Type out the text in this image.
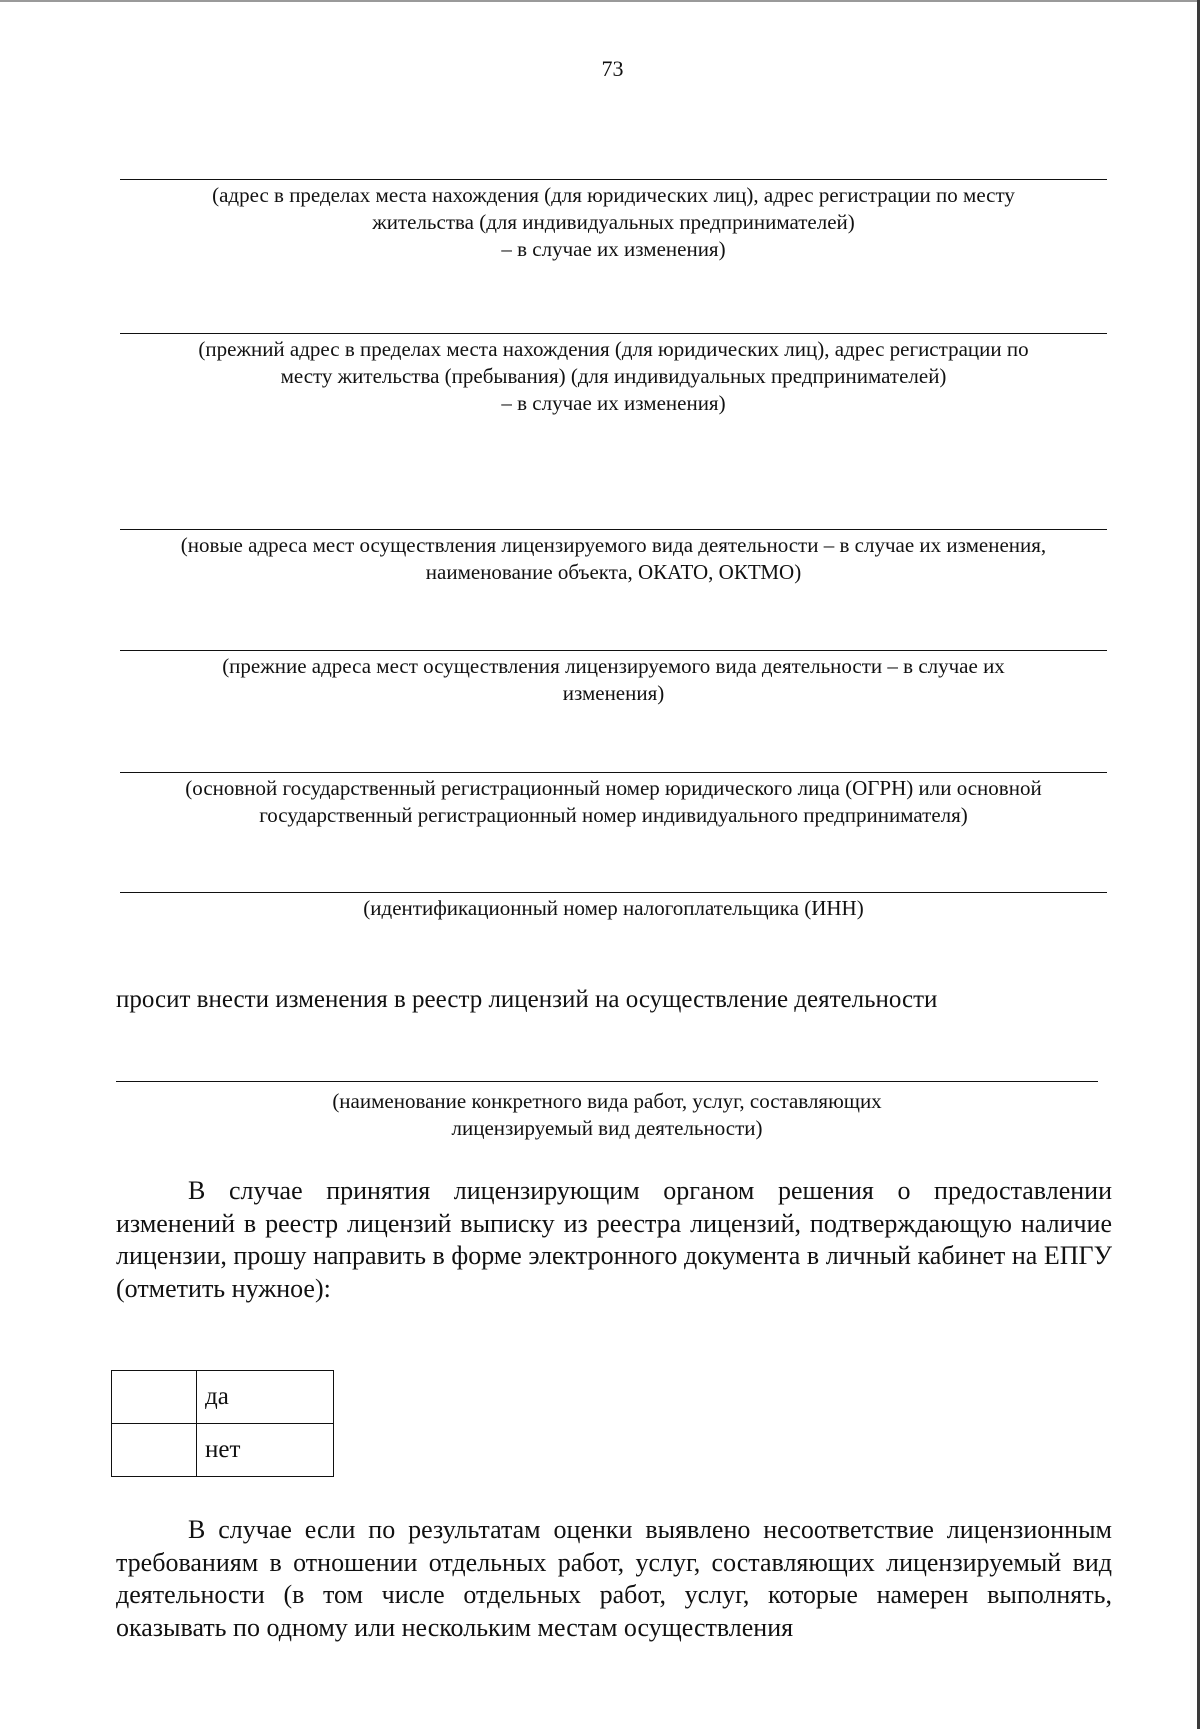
73
(адрес в пределах места нахождения (для юридических лиц), адрес регистрации по месту
жительства (для индивидуальных предпринимателей)
– в случае их изменения)
(прежний адрес в пределах места нахождения (для юридических лиц), адрес регистрации по
месту жительства (пребывания) (для индивидуальных предпринимателей)
– в случае их изменения)
(новые адреса мест осуществления лицензируемого вида деятельности – в случае их изменения,
наименование объекта, ОКАТО, ОКТМО)
(прежние адреса мест осуществления лицензируемого вида деятельности – в случае их
изменения)
(основной государственный регистрационный номер юридического лица (ОГРН) или основной
государственный регистрационный номер индивидуального предпринимателя)
(идентификационный номер налогоплательщика (ИНН)
просит внести изменения в реестр лицензий на осуществление деятельности
(наименование конкретного вида работ, услуг, составляющих
лицензируемый вид деятельности)
В случае принятия лицензирующим органом решения о предоставлении изменений в реестр лицензий выписку из реестра лицензий, подтверждающую наличие лицензии, прошу направить в форме электронного документа в личный кабинет на ЕПГУ (отметить нужное):
	да
	нет
В случае если по результатам оценки выявлено несоответствие лицензионным требованиям в отношении отдельных работ, услуг, составляющих лицензируемый вид деятельности (в том числе отдельных работ, услуг, которые намерен выполнять, оказывать по одному или нескольким местам осуществления
